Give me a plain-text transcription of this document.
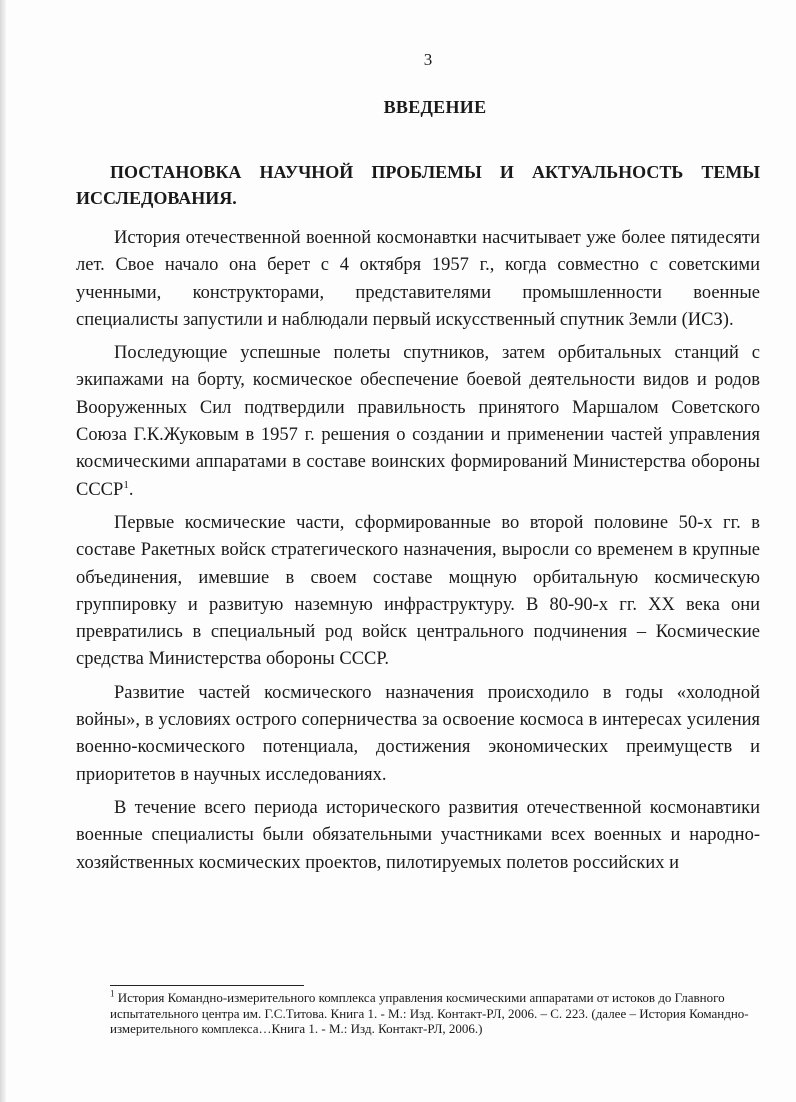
3
ВВЕДЕНИЕ
ПОСТАНОВКА НАУЧНОЙ ПРОБЛЕМЫ И АКТУАЛЬНОСТЬ ТЕМЫ ИССЛЕДОВАНИЯ.

История отечественной военной космонавтки насчитывает уже более пятидесяти лет. Свое начало она берет с 4 октября 1957 г., когда совместно с советскими ученными, конструкторами, представителями промышленности военные специалисты запустили и наблюдали первый искусственный спутник Земли (ИСЗ).

Последующие успешные полеты спутников, затем орбитальных станций с экипажами на борту, космическое обеспечение боевой деятельности видов и родов Вооруженных Сил подтвердили правильность принятого Маршалом Советского Союза Г.К.Жуковым в 1957 г. решения о создании и применении частей управления космическими аппаратами в составе воинских формирований Министерства обороны СССР$^1$.

Первые космические части, сформированные во второй половине 50-х гг. в составе Ракетных войск стратегического назначения, выросли со временем в крупные объединения, имевшие в своем составе мощную орбитальную космическую группировку и развитую наземную инфраструктуру. В 80-90-х гг. XX века они превратились в специальный род войск центрального подчинения – Космические средства Министерства обороны СССР.

Развитие частей космического назначения происходило в годы «холодной войны», в условиях острого соперничества за освоение космоса в интересах усиления военно-космического потенциала, достижения экономических преимуществ и приоритетов в научных исследованиях.

В течение всего периода исторического развития отечественной космонавтики военные специалисты были обязательными участниками всех военных и народно-хозяйственных космических проектов, пилотируемых полетов российских и

$^1$ История Командно-измерительного комплекса управления космическими аппаратами от истоков до Главного испытательного центра им. Г.С.Титова. Книга 1. - М.: Изд. Контакт-РЛ, 2006. – С. 223. (далее – История Командно-измерительного комплекса…Книга 1. - М.: Изд. Контакт-РЛ, 2006.)
